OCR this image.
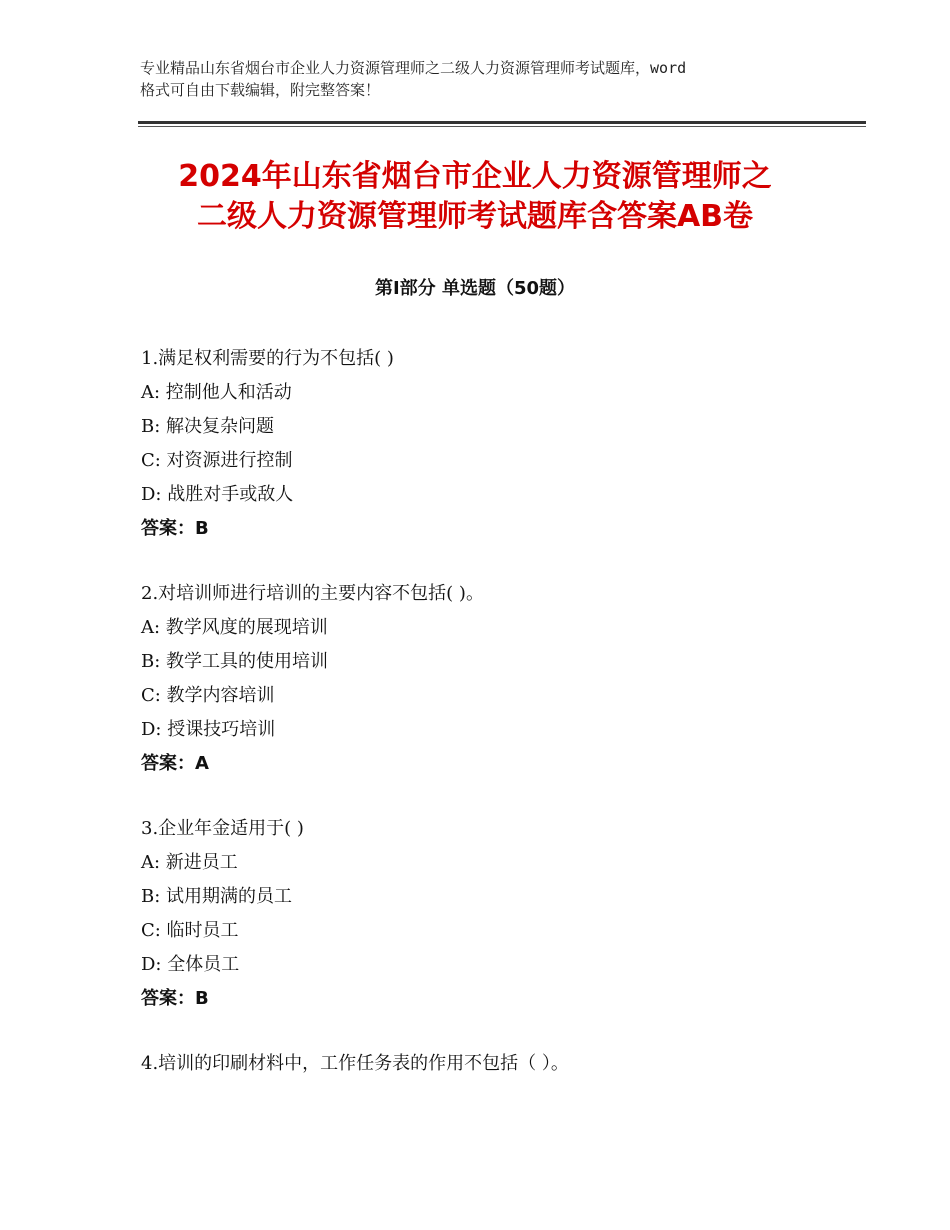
专业精品山东省烟台市企业人力资源管理师之二级人力资源管理师考试题库，word
格式可自由下载编辑，附完整答案！
2024年山东省烟台市企业人力资源管理师之
二级人力资源管理师考试题库含答案AB卷
第Ⅰ部分 单选题（50题）
1.满足权利需要的行为不包括( )
A: 控制他人和活动
B: 解决复杂问题
C: 对资源进行控制
D: 战胜对手或敌人
答案：B
2.对培训师进行培训的主要内容不包括( )。
A: 教学风度的展现培训
B: 教学工具的使用培训
C: 教学内容培训
D: 授课技巧培训
答案：A
3.企业年金适用于( )
A: 新进员工
B: 试用期满的员工
C: 临时员工
D: 全体员工
答案：B
4.培训的印刷材料中，工作任务表的作用不包括（ ）。
